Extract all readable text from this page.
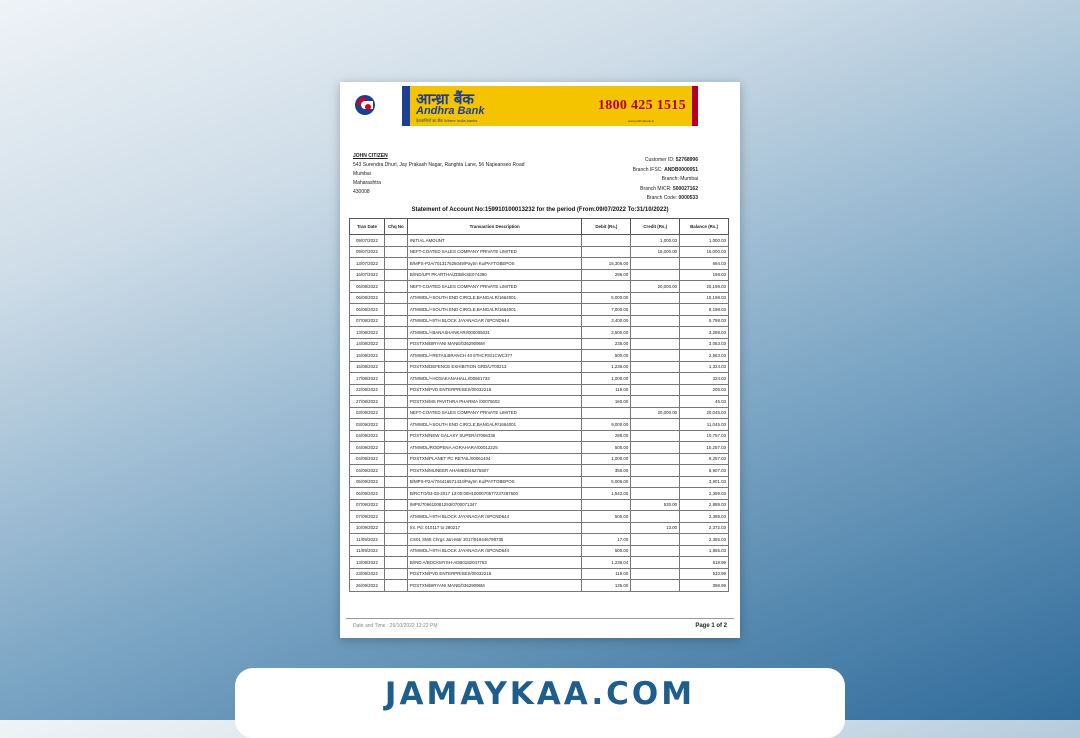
आन्ध्रा बैंक
Andhra Bank
देशवासियों का बैंक Where India banks
1800 425 1515
www.andhrabank.in
JOHN CITIZEN
543 Surendra Dhuri, Jay Prakash Nagar, Ranghta Lane, 56 Napeanseo Road
Mumbai
Maharashtra
430008
Customer ID: 52768996
Branch IFSC: ANDB0000051
Branch: Mumbai
Branch MICR: 500027162
Branch Code: 0000533
Statement of Account No:159910100013232 for the period (From:09/07/2022 To:31/10/2022)
Tran Date	Chq No	Transaction Description	Debit (Rs.)	Credit (Rs.)	Balance (Rs.)
09/07/2022		INITIAL AMOUNT		1,000.03	1,000.03
09/07/2022		NEFT-COATED SALES COMPANY PRIVATE LIMITED		15,000.00	16,000.03
13/07/2022		B/MPS-P2A/701317626049/Paytm Ku/PAYTOBEPOS	15,306.00		694.03
16/07/2022		B/IND/UPI PKARTHA/ZDB/KSE074390	296.00		198.03
06/08/2022		NEFT-COATED SALES COMPANY PRIVATE LIMITED		20,000.00	20,198.03
06/08/2022		ATMWDL/+SOUTH END CIRCLE,BANGALR/1664001	5,000.00		15,198.03
06/08/2022		ATMWDL/+SOUTH END CIRCLE,BANGALR/1664001	7,000.00		8,198.03
07/08/2022		ATMWDL/+9TH BLOCK JAYANAGAR /SPCND644	3,400.00		5,798.03
13/08/2022		ATMWDL/+BANASHANKARI/000005031	2,500.00		3,298.03
14/08/2022		POSTXN/BIRYANI MANE/03629096M	235.00		3,063.03
15/08/2022		ATMWDL/+RETAILBRANCH 40 6THCRS/1CWC377	500.00		2,563.03
15/08/2022		POSTXN/DEFENCE EXHIBITION GRD/UT00213	1,236.00		1,324.03
17/08/2022		ATMWDL/+HOSAKANAHALLI/00661733	1,000.00		324.03
22/08/2022		POSTXN/PVD ENTERPRISES/00032215	119.00		205.03
27/08/2022		POSTXN/MS PAVITHRA PHARMA /00075602	160.00		45.03
03/09/2022		NEFT-COATED SALES COMPANY PRIVATE LIMITED		20,000.00	20,045.03
03/09/2022		ATMWDL/+SOUTH END CIRCLE,BANGALR/1664001	9,000.00		11,045.03
04/09/2022		POSTXN/NEW GALAXY SUPER/47066336	288.00		10,757.03
04/09/2022		ATMWDL/RODPENA AGRAHARA/00012225	500.00		10,257.03
04/09/2022		POSTXN/PLANET PC RETAIL/00061404	1,000.00		9,257.03
04/09/2022		POSTXN/MUNEER AHAMED/46275507	350.00		8,907.03
05/09/2022		B/MPS-P2A/704416571434/Paytm Ku/PAYTOBEPOS	5,006.00		3,901.03
06/09/2022		B/RCTO/03-03-2017 13:00:00H1000070577237287500	1,542.00		2,359.03
07/09/2022		IMPS/706610081293/0700071347		530.00	2,889.03
07/09/2022		ATMWDL/+9TH BLOCK JAYANAGAR /SPCND644	500.00		2,389.03
10/09/2022		Int. Pd: 010117 to 280217		13.00	2,372.03
11/09/2022		CS01 SMS Chrgs Jan-Mar 2017/919446798735	17.00		2,355.03
11/09/2022		ATMWDL/+9TH BLOCK JAYANAGAR /SPCND644	500.00		1,855.03
13/09/2022		B/IND A/BOCKMYSH-ADB0182047763	1,236.04		618.99
23/09/2022		POSTXN/PVD ENTERPRISES/00032215	119.00		533.99
26/09/2022		POSTXN/BIRYANI MANE/03629096M	135.00		398.99
Date and Time : 26/10/2022 12:22 PM	Page 1 of 2
JAMAYKAA.COM
